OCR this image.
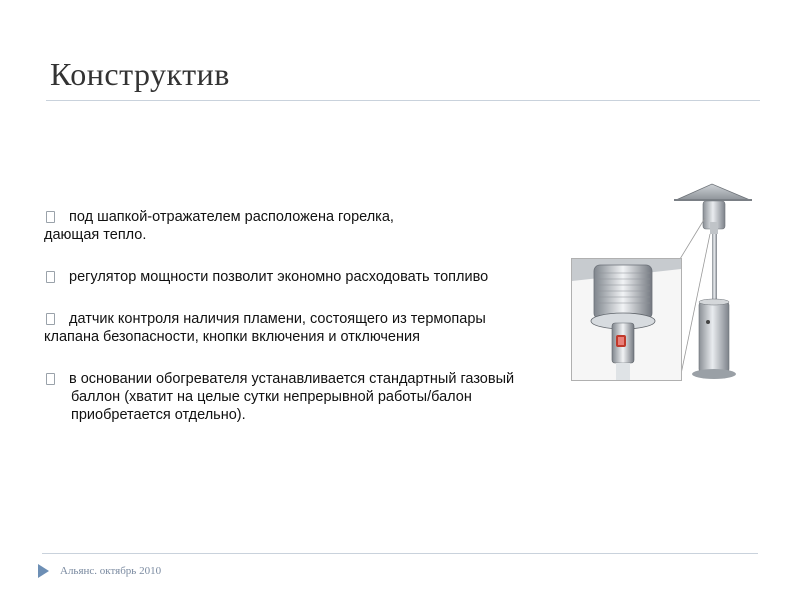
Конструктив
под шапкой-отражателем расположена горелка,
дающая тепло.
регулятор мощности позволит экономно расходовать топливо
датчик контроля наличия пламени, состоящего из термопары
клапана безопасности, кнопки включения и отключения
в основании обогревателя устанавливается стандартный газовый
баллон (хватит на целые сутки непрерывной работы/балон
приобретается отдельно).
Альянс. октябрь 2010
